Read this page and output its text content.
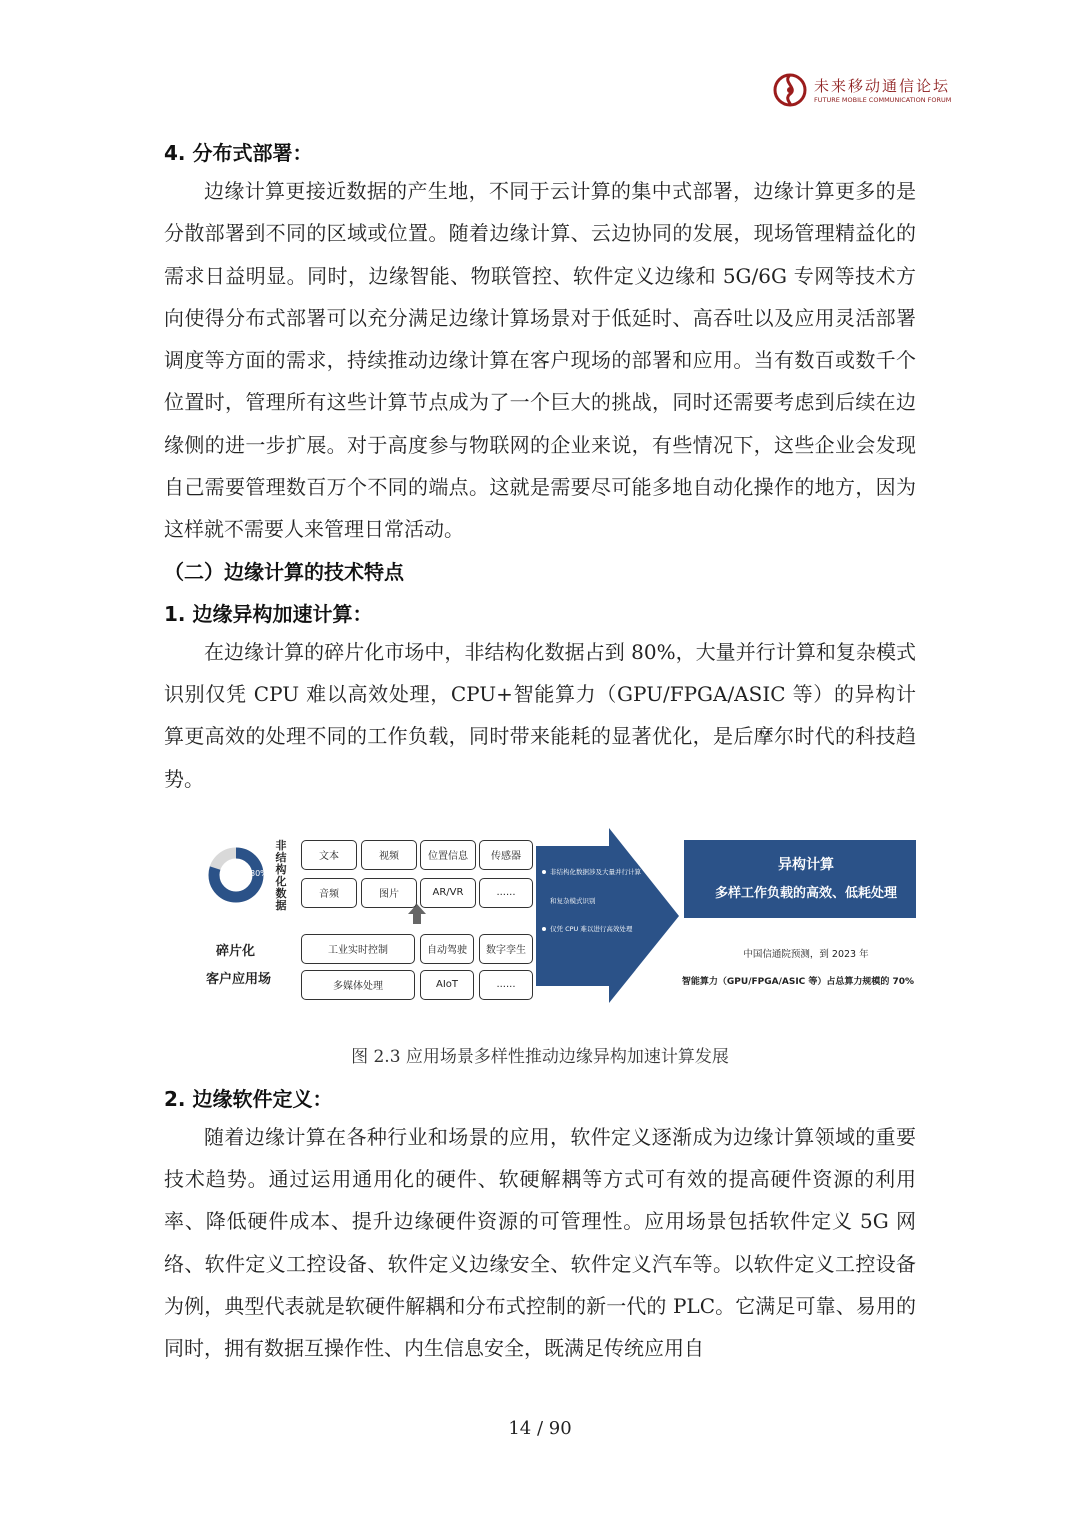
未来移动通信论坛
FUTURE MOBILE COMMUNICATION FORUM
4. 分布式部署：

边缘计算更接近数据的产生地，不同于云计算的集中式部署，边缘计算更多的是分散部署到不同的区域或位置。随着边缘计算、云边协同的发展，现场管理精益化的需求日益明显。同时，边缘智能、物联管控、软件定义边缘和 5G/6G 专网等技术方向使得分布式部署可以充分满足边缘计算场景对于低延时、高吞吐以及应用灵活部署调度等方面的需求，持续推动边缘计算在客户现场的部署和应用。当有数百或数千个位置时，管理所有这些计算节点成为了一个巨大的挑战，同时还需要考虑到后续在边缘侧的进一步扩展。对于高度参与物联网的企业来说，有些情况下，这些企业会发现自己需要管理数百万个不同的端点。这就是需要尽可能多地自动化操作的地方，因为这样就不需要人来管理日常活动。

（二）边缘计算的技术特点
1. 边缘异构加速计算：

在边缘计算的碎片化市场中，非结构化数据占到 80%，大量并行计算和复杂模式识别仅凭 CPU 难以高效处理，CPU+智能算力（GPU/FPGA/ASIC 等）的异构计算更高效的处理不同的工作负载，同时带来能耗的显著优化，是后摩尔时代的科技趋势。

80%
非
结
构
化
数
据
碎片化
客户应用场
文本	视频	位置信息	传感器
音频	图片	AR/VR	......
工业实时控制	自动驾驶	数字孪生
多媒体处理	AIoT	......
非结构化数据涉及大量并行计算
和复杂模式识别
仅凭 CPU 难以进行高效处理
异构计算
多样工作负载的高效、低耗处理
中国信通院预测，到 2023 年
智能算力（GPU/FPGA/ASIC 等）占总算力规模的 70%

图 2.3 应用场景多样性推动边缘异构加速计算发展

2. 边缘软件定义：

随着边缘计算在各种行业和场景的应用，软件定义逐渐成为边缘计算领域的重要技术趋势。通过运用通用化的硬件、软硬解耦等方式可有效的提高硬件资源的利用率、降低硬件成本、提升边缘硬件资源的可管理性。应用场景包括软件定义 5G 网络、软件定义工控设备、软件定义边缘安全、软件定义汽车等。以软件定义工控设备为例，典型代表就是软硬件解耦和分布式控制的新一代的 PLC。它满足可靠、易用的同时，拥有数据互操作性、内生信息安全，既满足传统应用自

14 / 90
